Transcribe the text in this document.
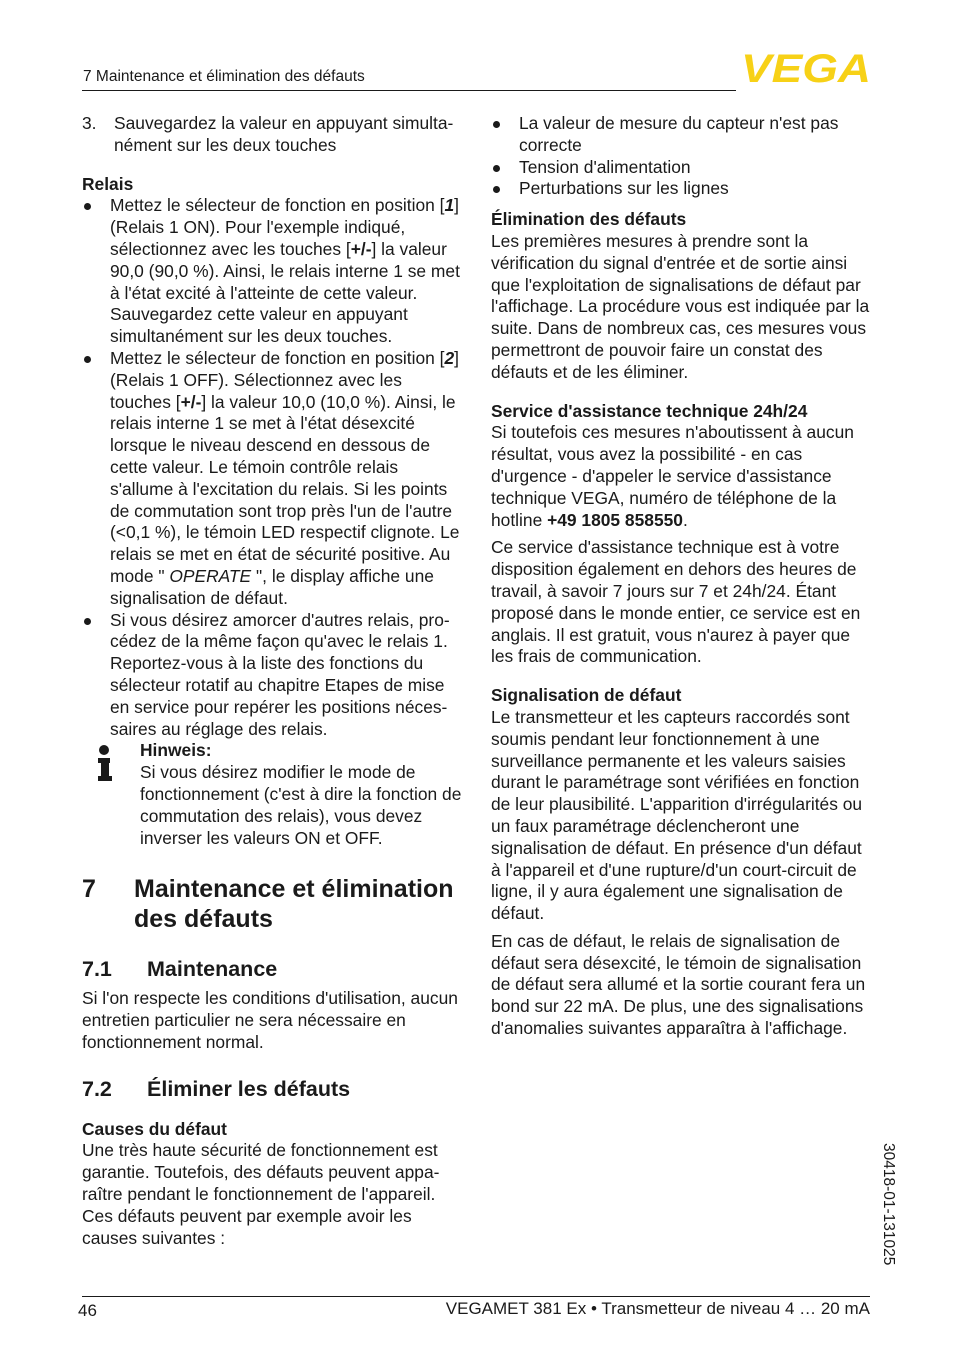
7 Maintenance et élimination des défauts	VEGA
3.	Sauvegardez la valeur en appuyant simulta-nément sur les deux touches

Relais

Mettez le sélecteur de fonction en position [1] (Relais 1 ON). Pour l'exemple indiqué, sélectionnez avec les touches [+/-] la valeur 90,0 (90,0 %). Ainsi, le relais interne 1 se met à l'état excité à l'atteinte de cette valeur. Sauvegardez cette valeur en appuyant simultanément sur les deux touches.

Mettez le sélecteur de fonction en position [2] (Relais 1 OFF). Sélectionnez avec les touches [+/-] la valeur 10,0 (10,0 %). Ainsi, le relais interne 1 se met à l'état désexcité lorsque le niveau descend en dessous de cette valeur. Le témoin contrôle relais s'allume à l'excitation du relais. Si les points de commutation sont trop près l'un de l'autre (<0,1 %), le témoin LED respectif clignote. Le relais se met en état de sécurité positive. Au mode " OPERATE ", le display affiche une signalisation de défaut.

Si vous désirez amorcer d'autres relais, pro-cédez de la même façon qu'avec le relais 1. Reportez-vous à la liste des fonctions du sélecteur rotatif au chapitre Etapes de mise en service pour repérer les positions néces-saires au réglage des relais.

Hinweis:

Si vous désirez modifier le mode de fonctionnement (c'est à dire la fonction de commutation des relais), vous devez inverser les valeurs ON et OFF.

7	Maintenance et élimination des défauts
7.1	Maintenance

Si l'on respecte les conditions d'utilisation, aucun entretien particulier ne sera nécessaire en fonctionnement normal.

7.2	Éliminer les défauts

Causes du défaut

Une très haute sécurité de fonctionnement est garantie. Toutefois, des défauts peuvent appa-raître pendant le fonctionnement de l'appareil. Ces défauts peuvent par exemple avoir les causes suivantes :

La valeur de mesure du capteur n'est pas correcte

Tension d'alimentation

Perturbations sur les lignes

Élimination des défauts

Les premières mesures à prendre sont la vérification du signal d'entrée et de sortie ainsi que l'exploitation de signalisations de défaut par l'affichage. La procédure vous est indiquée par la suite. Dans de nombreux cas, ces mesures vous permettront de pouvoir faire un constat des défauts et de les éliminer.

Service d'assistance technique 24h/24

Si toutefois ces mesures n'aboutissent à aucun résultat, vous avez la possibilité - en cas d'urgence - d'appeler le service d'assistance technique VEGA, numéro de téléphone de la hotline +49 1805 858550.

Ce service d'assistance technique est à votre disposition également en dehors des heures de travail, à savoir 7 jours sur 7 et 24h/24. Étant proposé dans le monde entier, ce service est en anglais. Il est gratuit, vous n'aurez à payer que les frais de communication.

Signalisation de défaut

Le transmetteur et les capteurs raccordés sont soumis pendant leur fonctionnement à une surveillance permanente et les valeurs saisies durant le paramétrage sont vérifiées en fonction de leur plausibilité. L'apparition d'irrégularités ou un faux paramétrage déclencheront une signalisation de défaut. En présence d'un défaut à l'appareil et d'une rupture/d'un court-circuit de ligne, il y aura également une signalisation de défaut.

En cas de défaut, le relais de signalisation de défaut sera désexcité, le témoin de signalisation de défaut sera allumé et la sortie courant fera un bond sur 22 mA. De plus, une des signalisations d'anomalies suivantes apparaîtra à l'affichage.

30418-01-131025
46	VEGAMET 381 Ex • Transmetteur de niveau 4 … 20 mA
